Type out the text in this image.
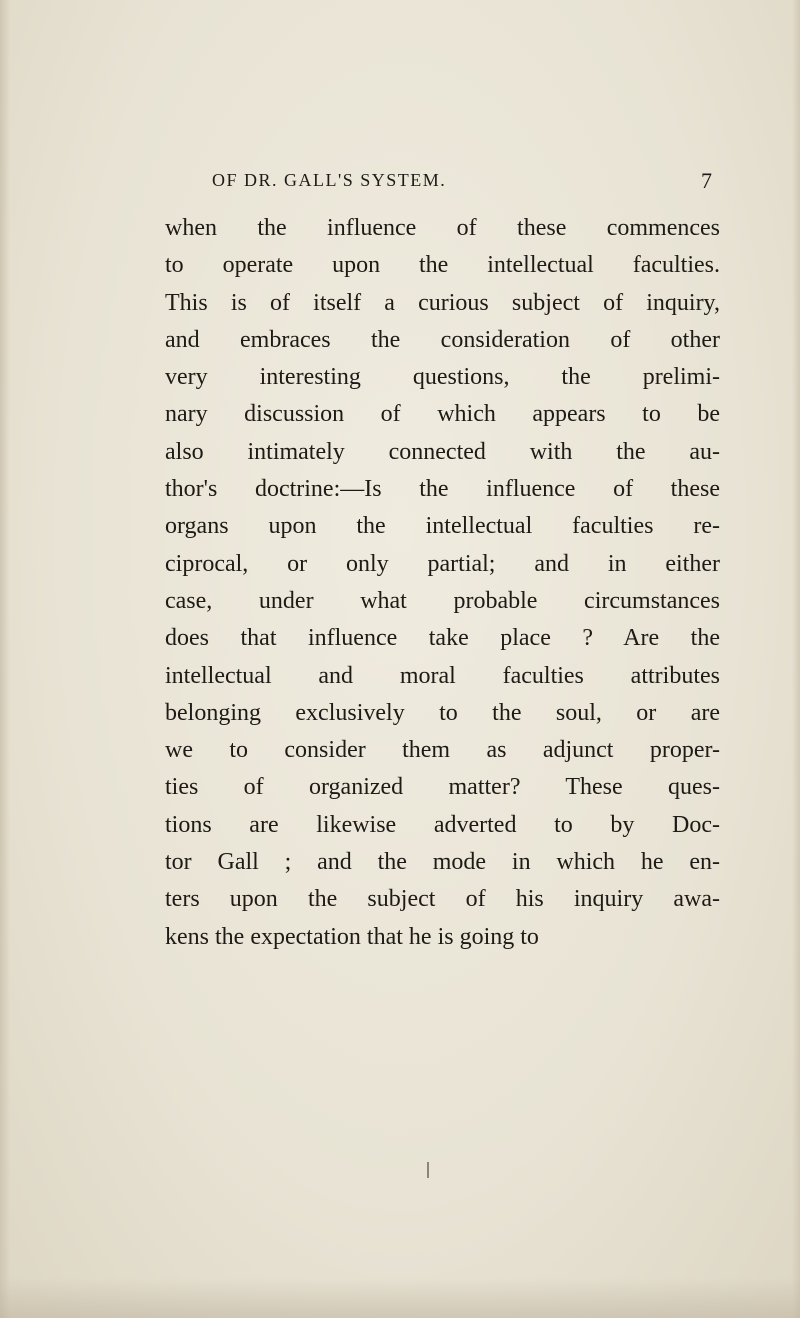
OF DR. GALL'S SYSTEM.	7
when the influence of these commences
to operate upon the intellectual faculties.
This is of itself a curious subject of inquiry,
and embraces the consideration of other
very interesting questions, the prelimi-
nary discussion of which appears to be
also intimately connected with the au-
thor's doctrine:—Is the influence of these
organs upon the intellectual faculties re-
ciprocal, or only partial; and in either
case, under what probable circumstances
does that influence take place ? Are the
intellectual and moral faculties attributes
belonging exclusively to the soul, or are
we to consider them as adjunct proper-
ties of organized matter? These ques-
tions are likewise adverted to by Doc-
tor Gall ; and the mode in which he en-
ters upon the subject of his inquiry awa-
kens the expectation that he is going to
